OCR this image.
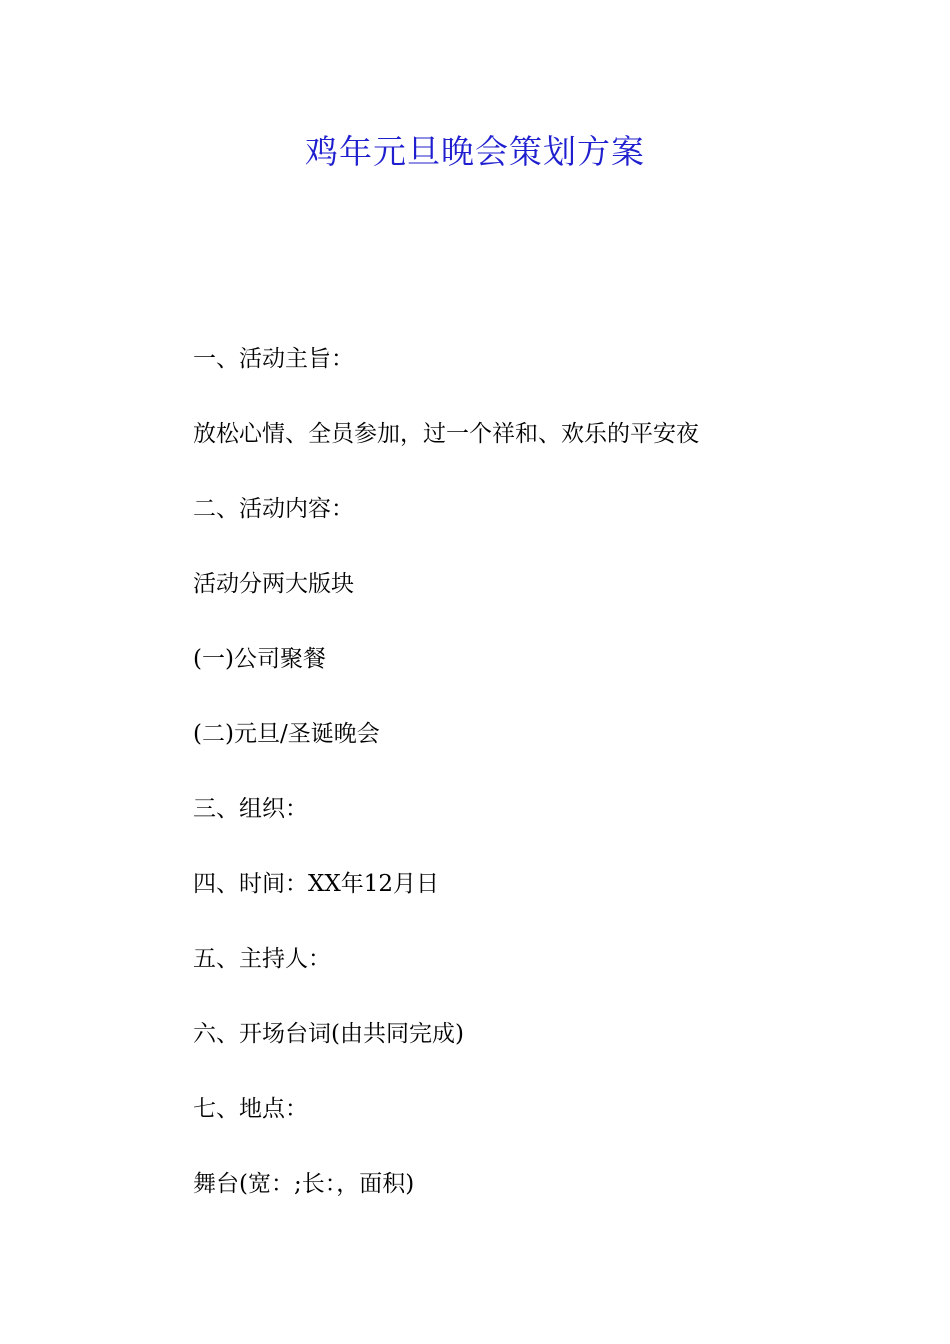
鸡年元旦晚会策划方案

一、活动主旨：

放松心情、全员参加，过一个祥和、欢乐的平安夜

二、活动内容：

活动分两大版块

(一)公司聚餐

(二)元旦/圣诞晚会

三、组织：

四、时间：XX年12月日

五、主持人：

六、开场台词(由共同完成)

七、地点：

舞台(宽：;长：，面积)
